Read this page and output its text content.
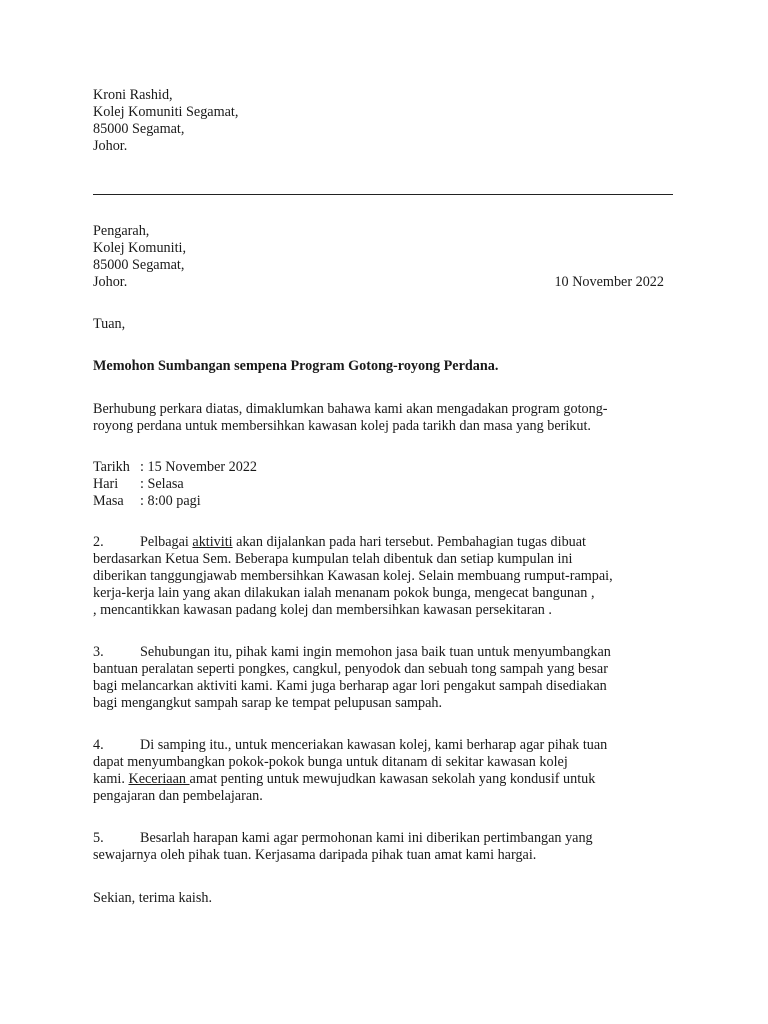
Kroni Rashid,
Kolej Komuniti Segamat,
85000 Segamat,
Johor.
Pengarah,
Kolej Komuniti,
85000 Segamat,
Johor.	10 November 2022
Tuan,
Memohon Sumbangan sempena Program Gotong-royong Perdana.
Berhubung perkara diatas, dimaklumkan bahawa kami akan mengadakan program gotong-
royong perdana untuk membersihkan kawasan kolej pada tarikh dan masa yang berikut.
Tarikh : 15 November 2022
Hari : Selasa
Masa : 8:00 pagi
2.	Pelbagai aktiviti akan dijalankan pada hari tersebut. Pembahagian tugas dibuat
berdasarkan Ketua Sem. Beberapa kumpulan telah dibentuk dan setiap kumpulan ini
diberikan tanggungjawab membersihkan Kawasan kolej. Selain membuang rumput-rampai,
kerja-kerja lain yang akan dilakukan ialah menanam pokok bunga, mengecat bangunan ,
, mencantikkan kawasan padang kolej dan membersihkan kawasan persekitaran .
3.	Sehubungan itu, pihak kami ingin memohon jasa baik tuan untuk menyumbangkan
bantuan peralatan seperti pongkes, cangkul, penyodok dan sebuah tong sampah yang besar
bagi melancarkan aktiviti kami. Kami juga berharap agar lori pengakut sampah disediakan
bagi mengangkut sampah sarap ke tempat pelupusan sampah.
4.	Di samping itu., untuk menceriakan kawasan kolej, kami berharap agar pihak tuan
dapat menyumbangkan pokok-pokok bunga untuk ditanam di sekitar kawasan kolej
kami. Keceriaan amat penting untuk mewujudkan kawasan sekolah yang kondusif untuk
pengajaran dan pembelajaran.
5.	Besarlah harapan kami agar permohonan kami ini diberikan pertimbangan yang
sewajarnya oleh pihak tuan. Kerjasama daripada pihak tuan amat kami hargai.
Sekian, terima kaish.
